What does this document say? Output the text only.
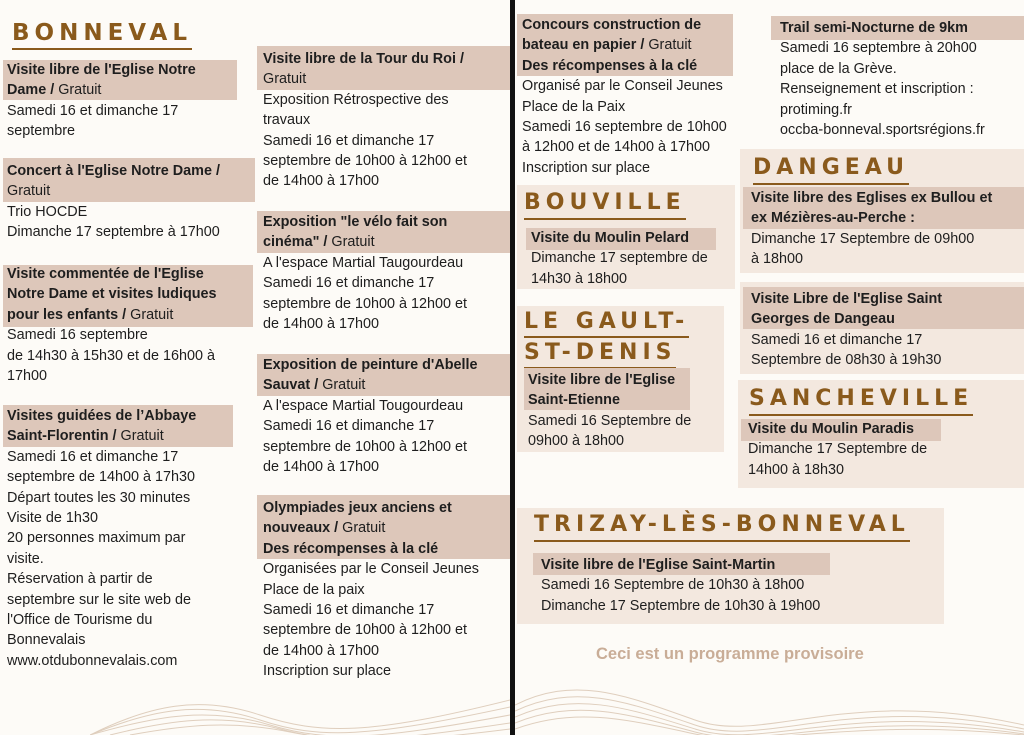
BONNEVAL
Visite libre de l'Eglise Notre
Dame / Gratuit
Samedi 16 et dimanche 17
septembre
Concert à l'Eglise Notre Dame /
Gratuit
Trio HOCDE
Dimanche 17 septembre à 17h00
Visite commentée de l'Eglise
Notre Dame et visites ludiques
pour les enfants / Gratuit
Samedi 16 septembre
de 14h30 à 15h30 et de 16h00 à
17h00
Visites guidées de l’Abbaye
Saint-Florentin / Gratuit
Samedi 16 et dimanche 17
septembre de 14h00 à 17h30
Départ toutes les 30 minutes
Visite de 1h30
20 personnes maximum par
visite.
Réservation à partir de
septembre sur le site web de
l'Office de Tourisme du
Bonnevalais
www.otdubonnevalais.com
Visite libre de la Tour du Roi /
Gratuit
Exposition Rétrospective des
travaux
Samedi 16 et dimanche 17
septembre de 10h00 à 12h00 et
de 14h00 à 17h00
Exposition "le vélo fait son
cinéma" / Gratuit
A l'espace Martial Taugourdeau
Samedi 16 et dimanche 17
septembre de 10h00 à 12h00 et
de 14h00 à 17h00
Exposition de peinture d'Abelle
Sauvat / Gratuit
A l'espace Martial Tougourdeau
Samedi 16 et dimanche 17
septembre de 10h00 à 12h00 et
de 14h00 à 17h00
Olympiades jeux anciens et
nouveaux / Gratuit
Des récompenses à la clé
Organisées par le Conseil Jeunes
Place de la paix
Samedi 16 et dimanche 17
septembre de 10h00 à 12h00 et
de 14h00 à 17h00
Inscription sur place
Concours construction de
bateau en papier / Gratuit
Des récompenses à la clé
Organisé par le Conseil Jeunes
Place de la Paix
Samedi 16 septembre de 10h00
à 12h00 et de 14h00 à 17h00
Inscription sur place
Trail semi-Nocturne de 9km
Samedi 16 septembre à 20h00
place de la Grève.
Renseignement et inscription :
protiming.fr
occba-bonneval.sportsrégions.fr
BOUVILLE
Visite du Moulin Pelard
Dimanche 17 septembre de
14h30 à 18h00
LE GAULT-
ST-DENIS
Visite libre de l'Eglise
Saint-Etienne
Samedi 16 Septembre de
09h00 à 18h00
DANGEAU
Visite libre des Eglises ex Bullou et
ex Mézières-au-Perche :
Dimanche 17 Septembre de 09h00
à 18h00
Visite Libre de l'Eglise Saint
Georges de Dangeau
Samedi 16 et dimanche 17
Septembre de 08h30 à 19h30
SANCHEVILLE
Visite du Moulin Paradis
Dimanche 17 Septembre de
14h00 à 18h30
TRIZAY-LÈS-BONNEVAL
Visite libre de l'Eglise Saint-Martin
Samedi 16 Septembre de 10h30 à 18h00
Dimanche 17 Septembre de 10h30 à 19h00
Ceci est un programme provisoire
